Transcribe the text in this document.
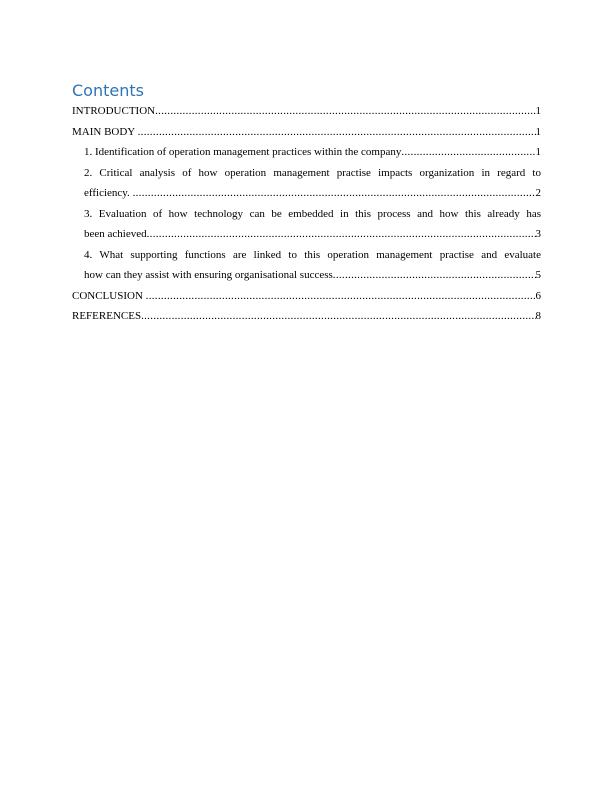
Contents
INTRODUCTION .....	1
MAIN BODY .....	1
1. Identification of operation management practices within the company .....	1
2. Critical analysis of how operation management practise impacts organization in regard to
efficiency. .....	2
3. Evaluation of how technology can be embedded in this process and how this already has
been achieved .....	3
4. What supporting functions are linked to this operation management practise and evaluate
how can they assist with ensuring organisational success .....	5
CONCLUSION .....	6
REFERENCES .....	8
